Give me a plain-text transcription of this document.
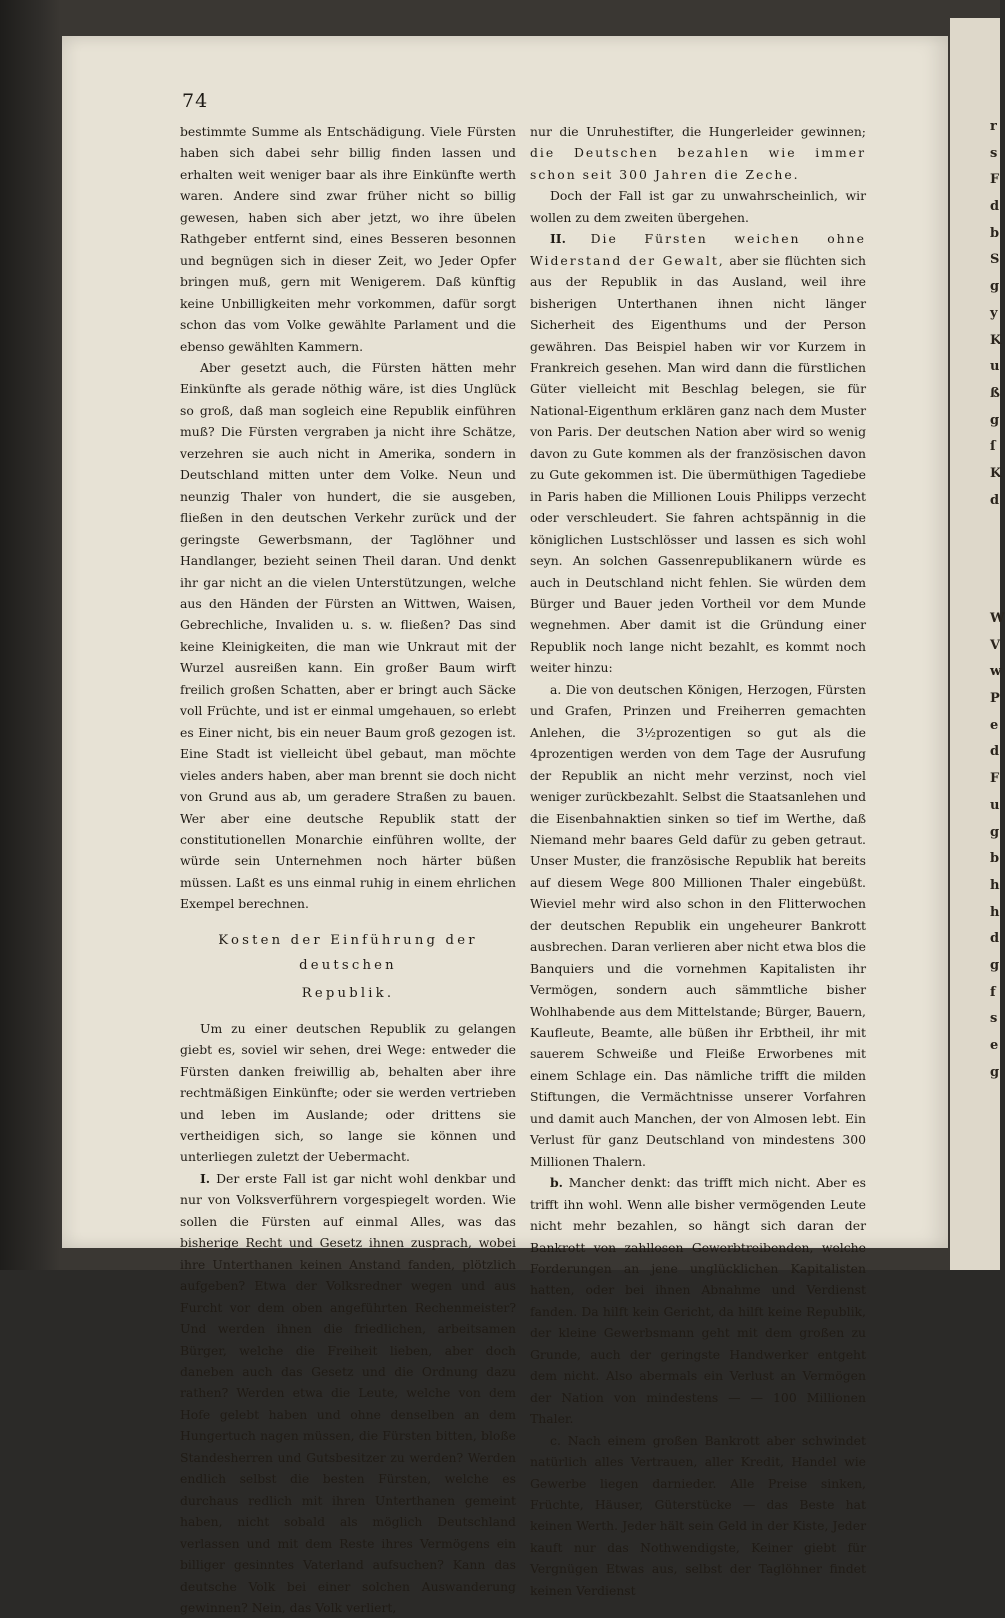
r
s
F
d
b
S
g
y
K
u
ß
g
ſ
K
d
W
V
w
P
e
d
F
u
g
b
h
h
d
g
f
s
e
g
74

bestimmte Summe als Entschädigung. Viele Fürsten haben sich dabei sehr billig finden lassen und erhalten weit weniger baar als ihre Einkünfte werth waren. Andere sind zwar früher nicht so billig gewesen, haben sich aber jetzt, wo ihre übelen Rathgeber entfernt sind, eines Besseren besonnen und begnügen sich in dieser Zeit, wo Jeder Opfer bringen muß, gern mit Wenigerem. Daß künftig keine Unbilligkeiten mehr vorkommen, dafür sorgt schon das vom Volke gewählte Parlament und die ebenso gewählten Kammern.

Aber gesetzt auch, die Fürsten hätten mehr Einkünfte als gerade nöthig wäre, ist dies Unglück so groß, daß man sogleich eine Republik einführen muß? Die Fürsten vergraben ja nicht ihre Schätze, verzehren sie auch nicht in Amerika, sondern in Deutschland mitten unter dem Volke. Neun und neunzig Thaler von hundert, die sie ausgeben, fließen in den deutschen Verkehr zurück und der geringste Gewerbsmann, der Taglöhner und Handlanger, bezieht seinen Theil daran. Und denkt ihr gar nicht an die vielen Unterstützungen, welche aus den Händen der Fürsten an Wittwen, Waisen, Gebrechliche, Invaliden u. s. w. fließen? Das sind keine Kleinigkeiten, die man wie Unkraut mit der Wurzel ausreißen kann. Ein großer Baum wirft freilich großen Schatten, aber er bringt auch Säcke voll Früchte, und ist er einmal umgehauen, so erlebt es Einer nicht, bis ein neuer Baum groß gezogen ist. Eine Stadt ist vielleicht übel gebaut, man möchte vieles anders haben, aber man brennt sie doch nicht von Grund aus ab, um geradere Straßen zu bauen. Wer aber eine deutsche Republik statt der constitutionellen Monarchie einführen wollte, der würde sein Unternehmen noch härter büßen müssen. Laßt es uns einmal ruhig in einem ehrlichen Exempel berechnen.

Kosten der Einführung der deutschen
Republik.

Um zu einer deutschen Republik zu gelangen giebt es, soviel wir sehen, drei Wege: entweder die Fürsten danken freiwillig ab, behalten aber ihre rechtmäßigen Einkünfte; oder sie werden vertrieben und leben im Auslande; oder drittens sie vertheidigen sich, so lange sie können und unterliegen zuletzt der Uebermacht.

I. Der erste Fall ist gar nicht wohl denkbar und nur von Volksverführern vorgespiegelt worden. Wie sollen die Fürsten auf einmal Alles, was das bisherige Recht und Gesetz ihnen zusprach, wobei ihre Unterthanen keinen Anstand fanden, plötzlich aufgeben? Etwa der Volksredner wegen und aus Furcht vor dem oben angeführten Rechenmeister? Und werden ihnen die friedlichen, arbeitsamen Bürger, welche die Freiheit lieben, aber doch daneben auch das Gesetz und die Ordnung dazu rathen? Werden etwa die Leute, welche von dem Hofe gelebt haben und ohne denselben an dem Hungertuch nagen müssen, die Fürsten bitten, bloße Standesherren und Gutsbesitzer zu werden? Werden endlich selbst die besten Fürsten, welche es durchaus redlich mit ihren Unterthanen gemeint haben, nicht sobald als möglich Deutschland verlassen und mit dem Reste ihres Vermögens ein billiger gesinntes Vaterland aufsuchen? Kann das deutsche Volk bei einer solchen Auswanderung gewinnen? Nein, das Volk verliert,

nur die Unruhestifter, die Hungerleider gewinnen; die Deutschen bezahlen wie immer schon seit 300 Jahren die Zeche.

Doch der Fall ist gar zu unwahrscheinlich, wir wollen zu dem zweiten übergehen.

II. Die Fürsten weichen ohne Widerstand der Gewalt, aber sie flüchten sich aus der Republik in das Ausland, weil ihre bisherigen Unterthanen ihnen nicht länger Sicherheit des Eigenthums und der Person gewähren. Das Beispiel haben wir vor Kurzem in Frankreich gesehen. Man wird dann die fürstlichen Güter vielleicht mit Beschlag belegen, sie für National-Eigenthum erklären ganz nach dem Muster von Paris. Der deutschen Nation aber wird so wenig davon zu Gute kommen als der französischen davon zu Gute gekommen ist. Die übermüthigen Tagediebe in Paris haben die Millionen Louis Philipps verzecht oder verschleudert. Sie fahren achtspännig in die königlichen Lustschlösser und lassen es sich wohl seyn. An solchen Gassenrepublikanern würde es auch in Deutschland nicht fehlen. Sie würden dem Bürger und Bauer jeden Vortheil vor dem Munde wegnehmen. Aber damit ist die Gründung einer Republik noch lange nicht bezahlt, es kommt noch weiter hinzu:

a. Die von deutschen Königen, Herzogen, Fürsten und Grafen, Prinzen und Freiherren gemachten Anlehen, die 3½prozentigen so gut als die 4prozentigen werden von dem Tage der Ausrufung der Republik an nicht mehr verzinst, noch viel weniger zurückbezahlt. Selbst die Staatsanlehen und die Eisenbahnaktien sinken so tief im Werthe, daß Niemand mehr baares Geld dafür zu geben getraut. Unser Muster, die französische Republik hat bereits auf diesem Wege 800 Millionen Thaler eingebüßt. Wieviel mehr wird also schon in den Flitterwochen der deutschen Republik ein ungeheurer Bankrott ausbrechen. Daran verlieren aber nicht etwa blos die Banquiers und die vornehmen Kapitalisten ihr Vermögen, sondern auch sämmtliche bisher Wohlhabende aus dem Mittelstande; Bürger, Bauern, Kaufleute, Beamte, alle büßen ihr Erbtheil, ihr mit sauerem Schweiße und Fleiße Erworbenes mit einem Schlage ein. Das nämliche trifft die milden Stiftungen, die Vermächtnisse unserer Vorfahren und damit auch Manchen, der von Almosen lebt. Ein Verlust für ganz Deutschland von mindestens 300 Millionen Thalern.

b. Mancher denkt: das trifft mich nicht. Aber es trifft ihn wohl. Wenn alle bisher vermögenden Leute nicht mehr bezahlen, so hängt sich daran der Bankrott von zahllosen Gewerbtreibenden, welche Forderungen an jene unglücklichen Kapitalisten hatten, oder bei ihnen Abnahme und Verdienst fanden. Da hilft kein Gericht, da hilft keine Republik, der kleine Gewerbsmann geht mit dem großen zu Grunde, auch der geringste Handwerker entgeht dem nicht. Also abermals ein Verlust an Vermögen der Nation von mindestens — — 100 Millionen Thaler.

c. Nach einem großen Bankrott aber schwindet natürlich alles Vertrauen, aller Kredit, Handel wie Gewerbe liegen darnieder. Alle Preise sinken, Früchte, Häuser, Güterstücke — das Beste hat keinen Werth. Jeder hält sein Geld in der Kiste, Jeder kauft nur das Nothwendigste, Keiner giebt für Vergnügen Etwas aus, selbst der Taglöhner findet keinen Verdienst
